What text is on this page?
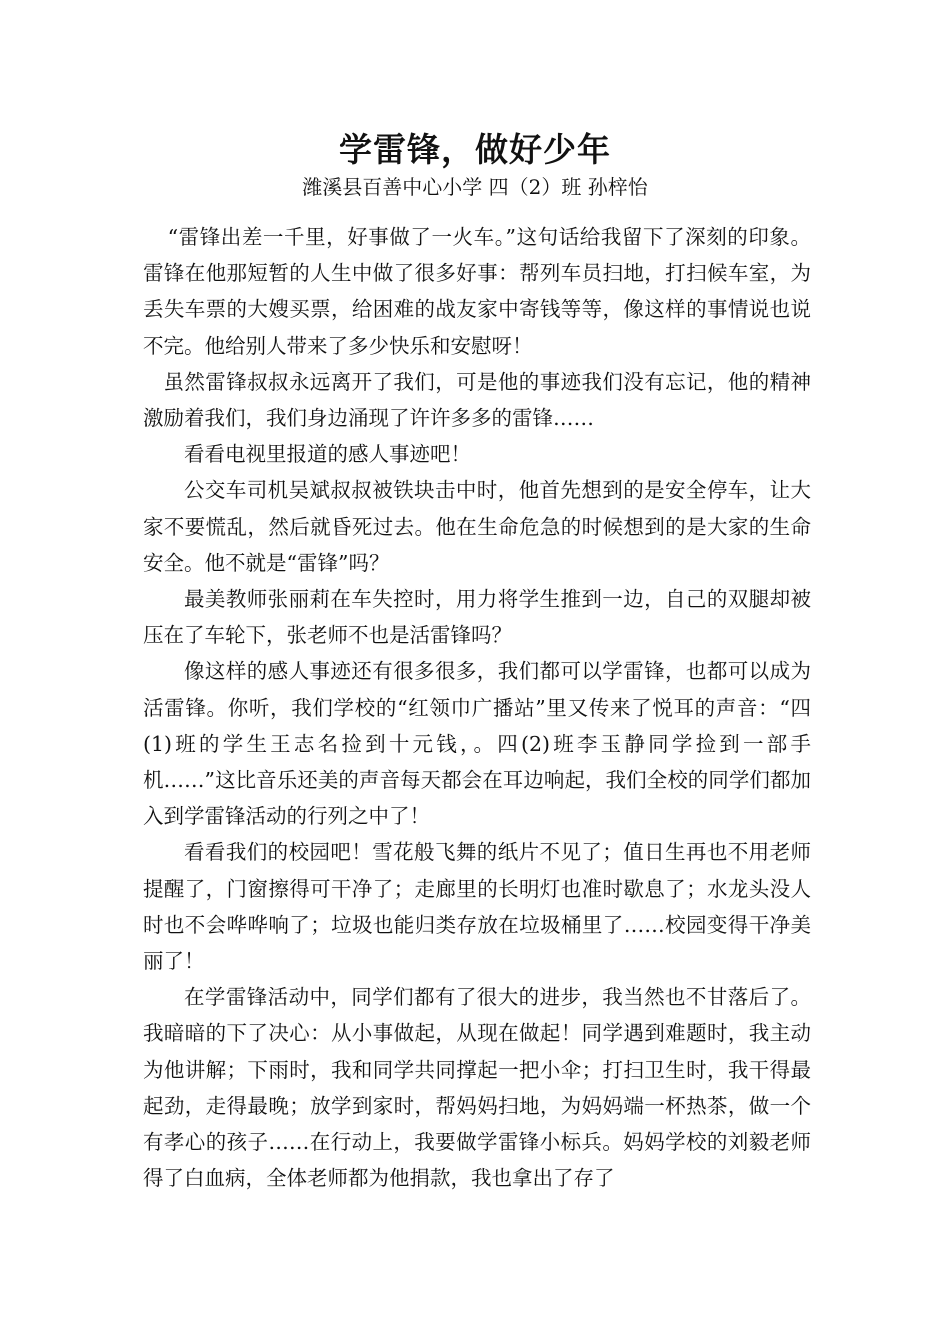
学雷锋，做好少年
潍溪县百善中心小学 四（2）班 孙梓怡

“雷锋出差一千里，好事做了一火车。”这句话给我留下了深刻的印象。雷锋在他那短暂的人生中做了很多好事：帮列车员扫地，打扫候车室，为丢失车票的大嫂买票，给困难的战友家中寄钱等等，像这样的事情说也说不完。他给别人带来了多少快乐和安慰呀！

虽然雷锋叔叔永远离开了我们，可是他的事迹我们没有忘记，他的精神激励着我们，我们身边涌现了许许多多的雷锋……

看看电视里报道的感人事迹吧！

公交车司机吴斌叔叔被铁块击中时，他首先想到的是安全停车，让大家不要慌乱，然后就昏死过去。他在生命危急的时候想到的是大家的生命安全。他不就是“雷锋”吗？

最美教师张丽莉在车失控时，用力将学生推到一边，自己的双腿却被压在了车轮下，张老师不也是活雷锋吗？

像这样的感人事迹还有很多很多，我们都可以学雷锋，也都可以成为活雷锋。你听，我们学校的“红领巾广播站”里又传来了悦耳的声音：“四(1)班的学生王志名捡到十元钱，。四(2)班李玉静同学捡到一部手机……”这比音乐还美的声音每天都会在耳边响起，我们全校的同学们都加入到学雷锋活动的行列之中了！

看看我们的校园吧！雪花般飞舞的纸片不见了；值日生再也不用老师提醒了，门窗擦得可干净了；走廊里的长明灯也准时歇息了；水龙头没人时也不会哗哗响了；垃圾也能归类存放在垃圾桶里了……校园变得干净美丽了！

在学雷锋活动中，同学们都有了很大的进步，我当然也不甘落后了。我暗暗的下了决心：从小事做起，从现在做起！同学遇到难题时，我主动为他讲解；下雨时，我和同学共同撑起一把小伞；打扫卫生时，我干得最起劲，走得最晚；放学到家时，帮妈妈扫地，为妈妈端一杯热茶，做一个有孝心的孩子……在行动上，我要做学雷锋小标兵。妈妈学校的刘毅老师得了白血病，全体老师都为他捐款，我也拿出了存了
